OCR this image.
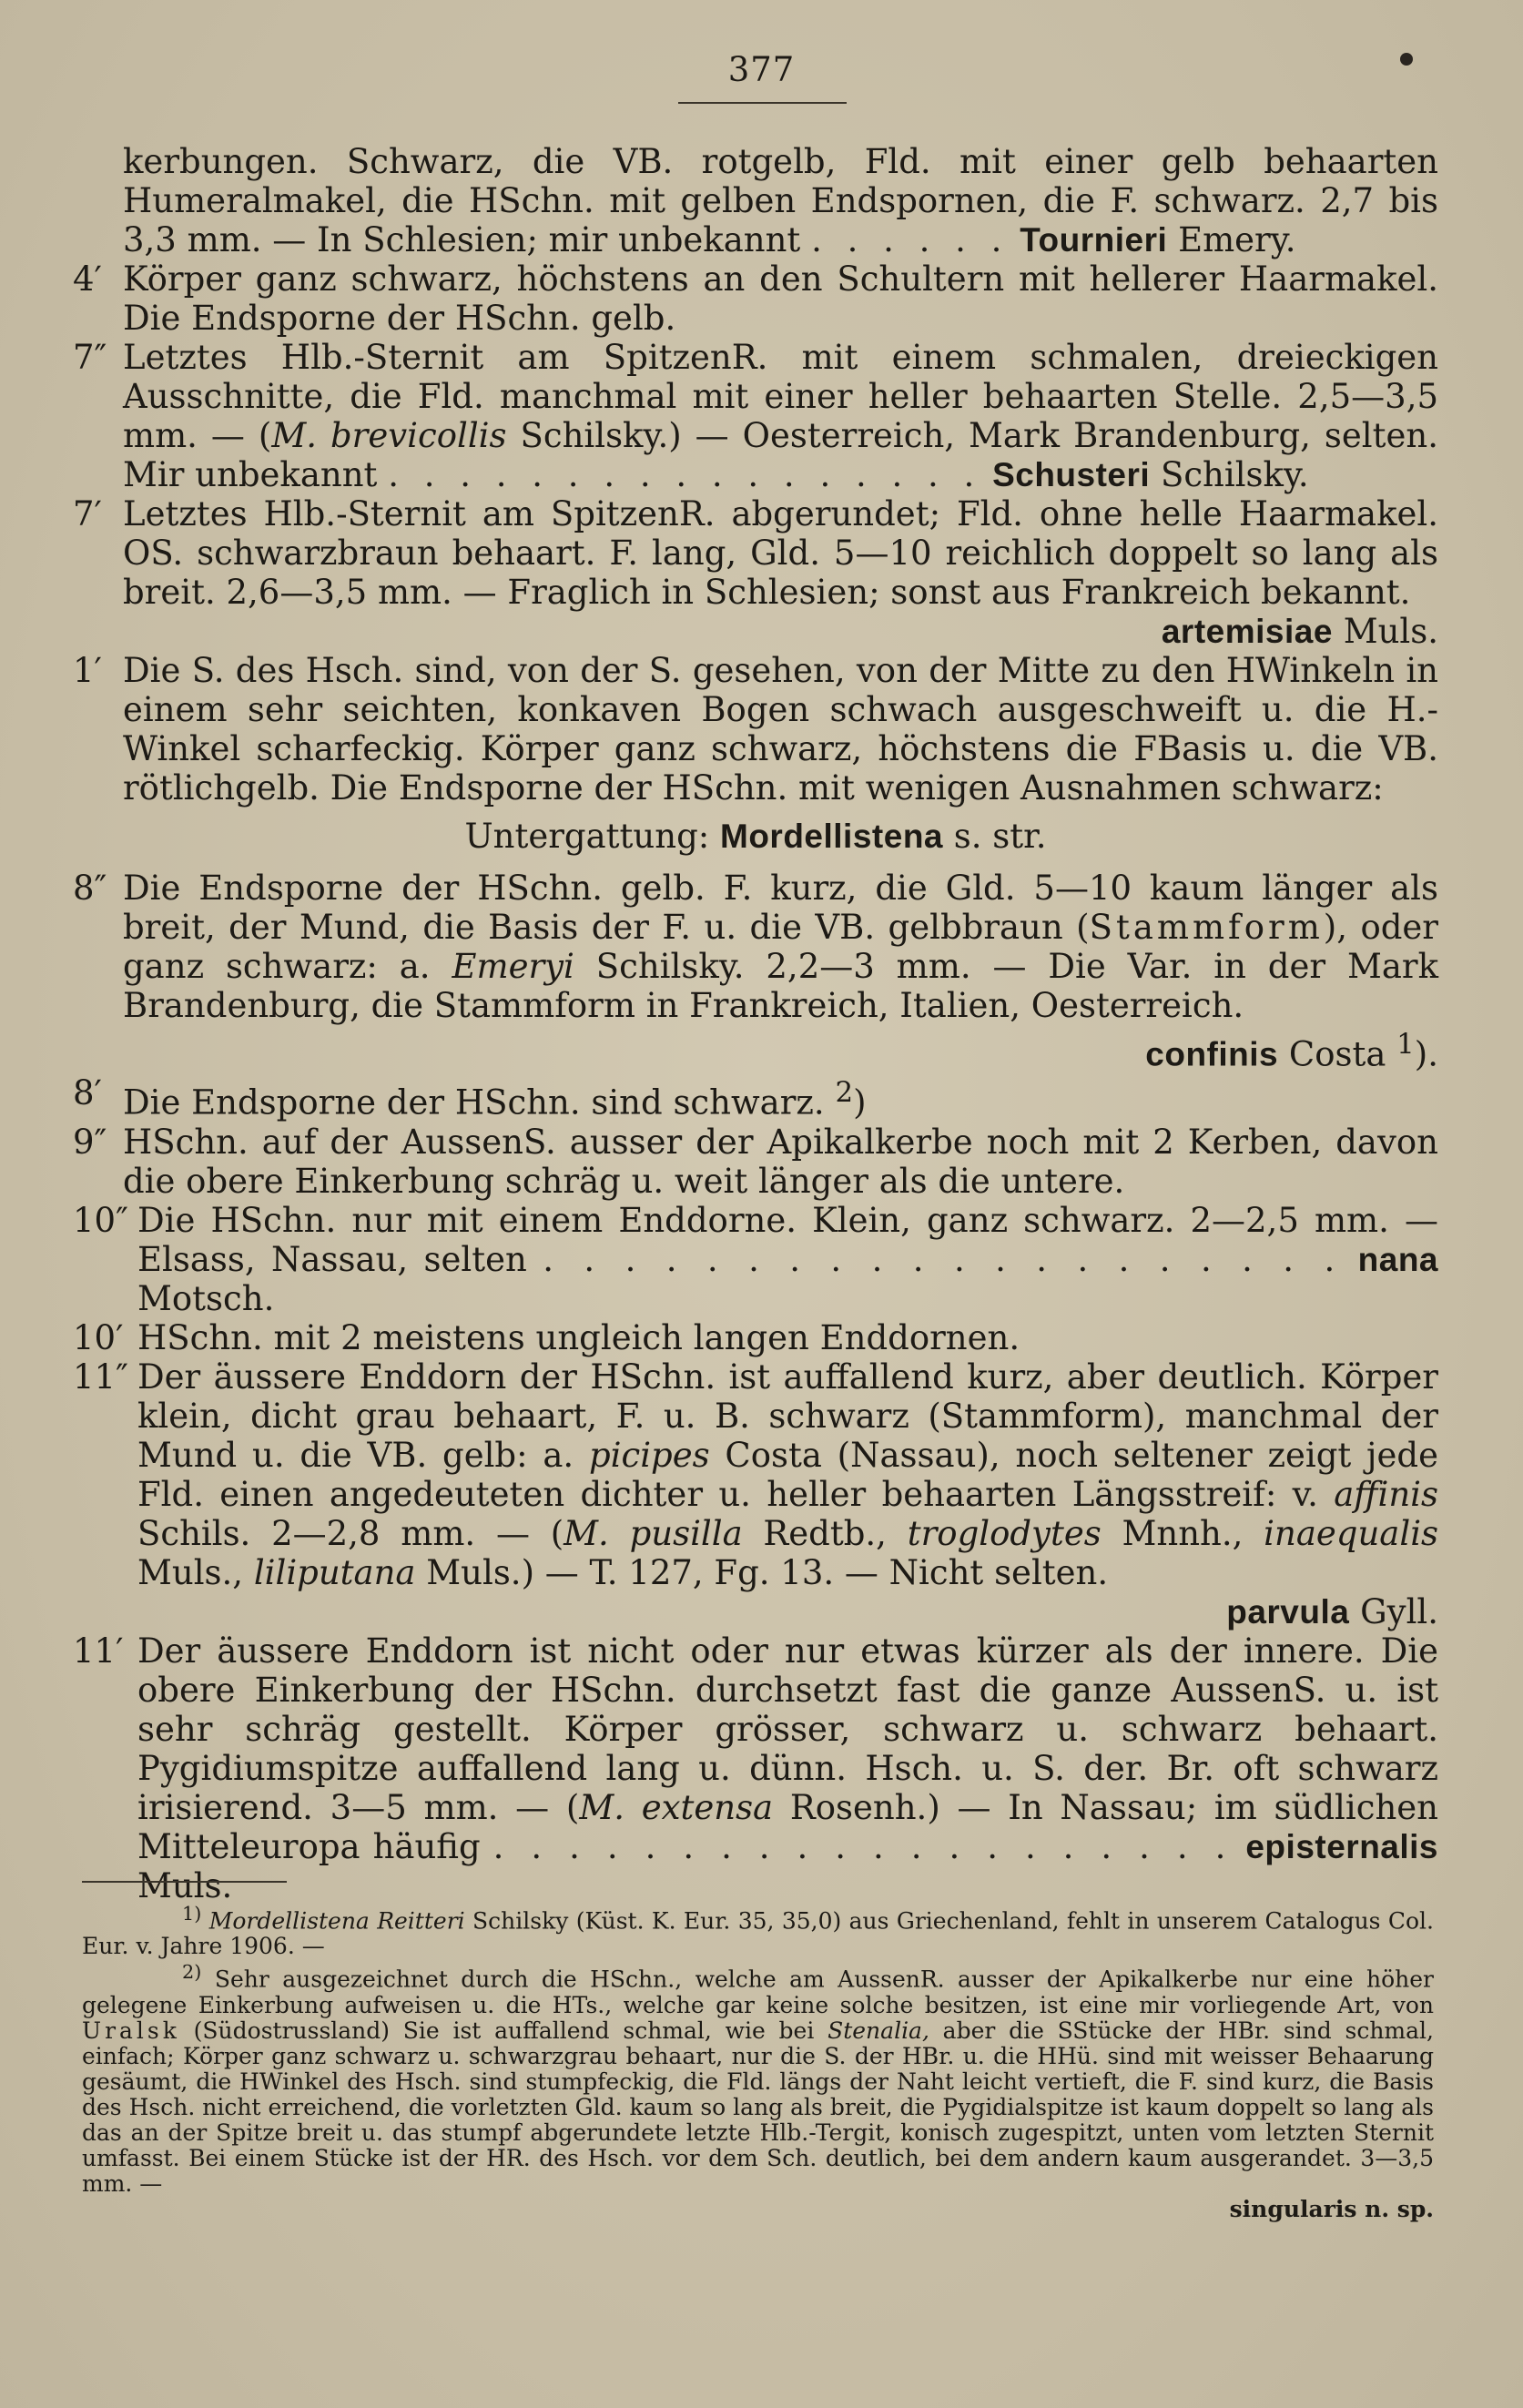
377

kerbungen. Schwarz, die VB. rotgelb, Fld. mit einer gelb behaarten Humeralmakel, die HSchn. mit gelben Endspornen, die F. schwarz. 2,7 bis 3,3 mm. — In Schlesien; mir unbekannt . . . . . . Tournieri Emery.

4′ Körper ganz schwarz, höchstens an den Schultern mit hellerer Haarmakel. Die Endsporne der HSchn. gelb.

7″ Letztes Hlb.-Sternit am SpitzenR. mit einem schmalen, dreieckigen Ausschnitte, die Fld. manchmal mit einer heller behaarten Stelle. 2,5—3,5 mm. — (M. brevicollis Schilsky.) — Oesterreich, Mark Brandenburg, selten. Mir unbekannt . . . . . . . . . . . . . . . . . Schusteri Schilsky.

7′ Letztes Hlb.-Sternit am SpitzenR. abgerundet; Fld. ohne helle Haarmakel. OS. schwarzbraun behaart. F. lang, Gld. 5—10 reichlich doppelt so lang als breit. 2,6—3,5 mm. — Fraglich in Schlesien; sonst aus Frankreich bekannt.

artemisiae Muls.

1′ Die S. des Hsch. sind, von der S. gesehen, von der Mitte zu den HWinkeln in einem sehr seichten, konkaven Bogen schwach ausgeschweift u. die H.-Winkel scharfeckig. Körper ganz schwarz, höchstens die FBasis u. die VB. rötlichgelb. Die Endsporne der HSchn. mit wenigen Ausnahmen schwarz:

Untergattung: Mordellistena s. str.

8″ Die Endsporne der HSchn. gelb. F. kurz, die Gld. 5—10 kaum länger als breit, der Mund, die Basis der F. u. die VB. gelbbraun (Stammform), oder ganz schwarz: a. Emeryi Schilsky. 2,2—3 mm. — Die Var. in der Mark Brandenburg, die Stammform in Frankreich, Italien, Oesterreich.

confinis Costa $^1$).

8′ Die Endsporne der HSchn. sind schwarz. $^2$)

9″ HSchn. auf der AussenS. ausser der Apikalkerbe noch mit 2 Kerben, davon die obere Einkerbung schräg u. weit länger als die untere.

10″ Die HSchn. nur mit einem Enddorne. Klein, ganz schwarz. 2—2,5 mm. — Elsass, Nassau, selten . . . . . . . . . . . . . . . . . . . . nana Motsch.

10′ HSchn. mit 2 meistens ungleich langen Enddornen.

11″ Der äussere Enddorn der HSchn. ist auffallend kurz, aber deutlich. Körper klein, dicht grau behaart, F. u. B. schwarz (Stammform), manchmal der Mund u. die VB. gelb: a. picipes Costa (Nassau), noch seltener zeigt jede Fld. einen angedeuteten dichter u. heller behaarten Längsstreif: v. affinis Schils. 2—2,8 mm. — (M. pusilla Redtb., troglodytes Mnnh., inaequalis Muls., liliputana Muls.) — T. 127, Fg. 13. — Nicht selten.

parvula Gyll.

11′ Der äussere Enddorn ist nicht oder nur etwas kürzer als der innere. Die obere Einkerbung der HSchn. durchsetzt fast die ganze AussenS. u. ist sehr schräg gestellt. Körper grösser, schwarz u. schwarz behaart. Pygidiumspitze auffallend lang u. dünn. Hsch. u. S. der. Br. oft schwarz irisierend. 3—5 mm. — (M. extensa Rosenh.) — In Nassau; im südlichen Mitteleuropa häufig . . . . . . . . . . . . . . . . . . . . episternalis Muls.

$^{1)}$ Mordellistena Reitteri Schilsky (Küst. K. Eur. 35, 35,0) aus Griechenland, fehlt in unserem Catalogus Col. Eur. v. Jahre 1906. —

$^{2)}$ Sehr ausgezeichnet durch die HSchn., welche am AussenR. ausser der Apikalkerbe nur eine höher gelegene Einkerbung aufweisen u. die HTs., welche gar keine solche besitzen, ist eine mir vorliegende Art, von Uralsk (Südostrussland) Sie ist auffallend schmal, wie bei Stenalia, aber die SStücke der HBr. sind schmal, einfach; Körper ganz schwarz u. schwarzgrau behaart, nur die S. der HBr. u. die HHü. sind mit weisser Behaarung gesäumt, die HWinkel des Hsch. sind stumpfeckig, die Fld. längs der Naht leicht vertieft, die F. sind kurz, die Basis des Hsch. nicht erreichend, die vorletzten Gld. kaum so lang als breit, die Pygidialspitze ist kaum doppelt so lang als das an der Spitze breit u. das stumpf abgerundete letzte Hlb.-Tergit, konisch zugespitzt, unten vom letzten Sternit umfasst. Bei einem Stücke ist der HR. des Hsch. vor dem Sch. deutlich, bei dem andern kaum ausgerandet. 3—3,5 mm. —

singularis n. sp.
